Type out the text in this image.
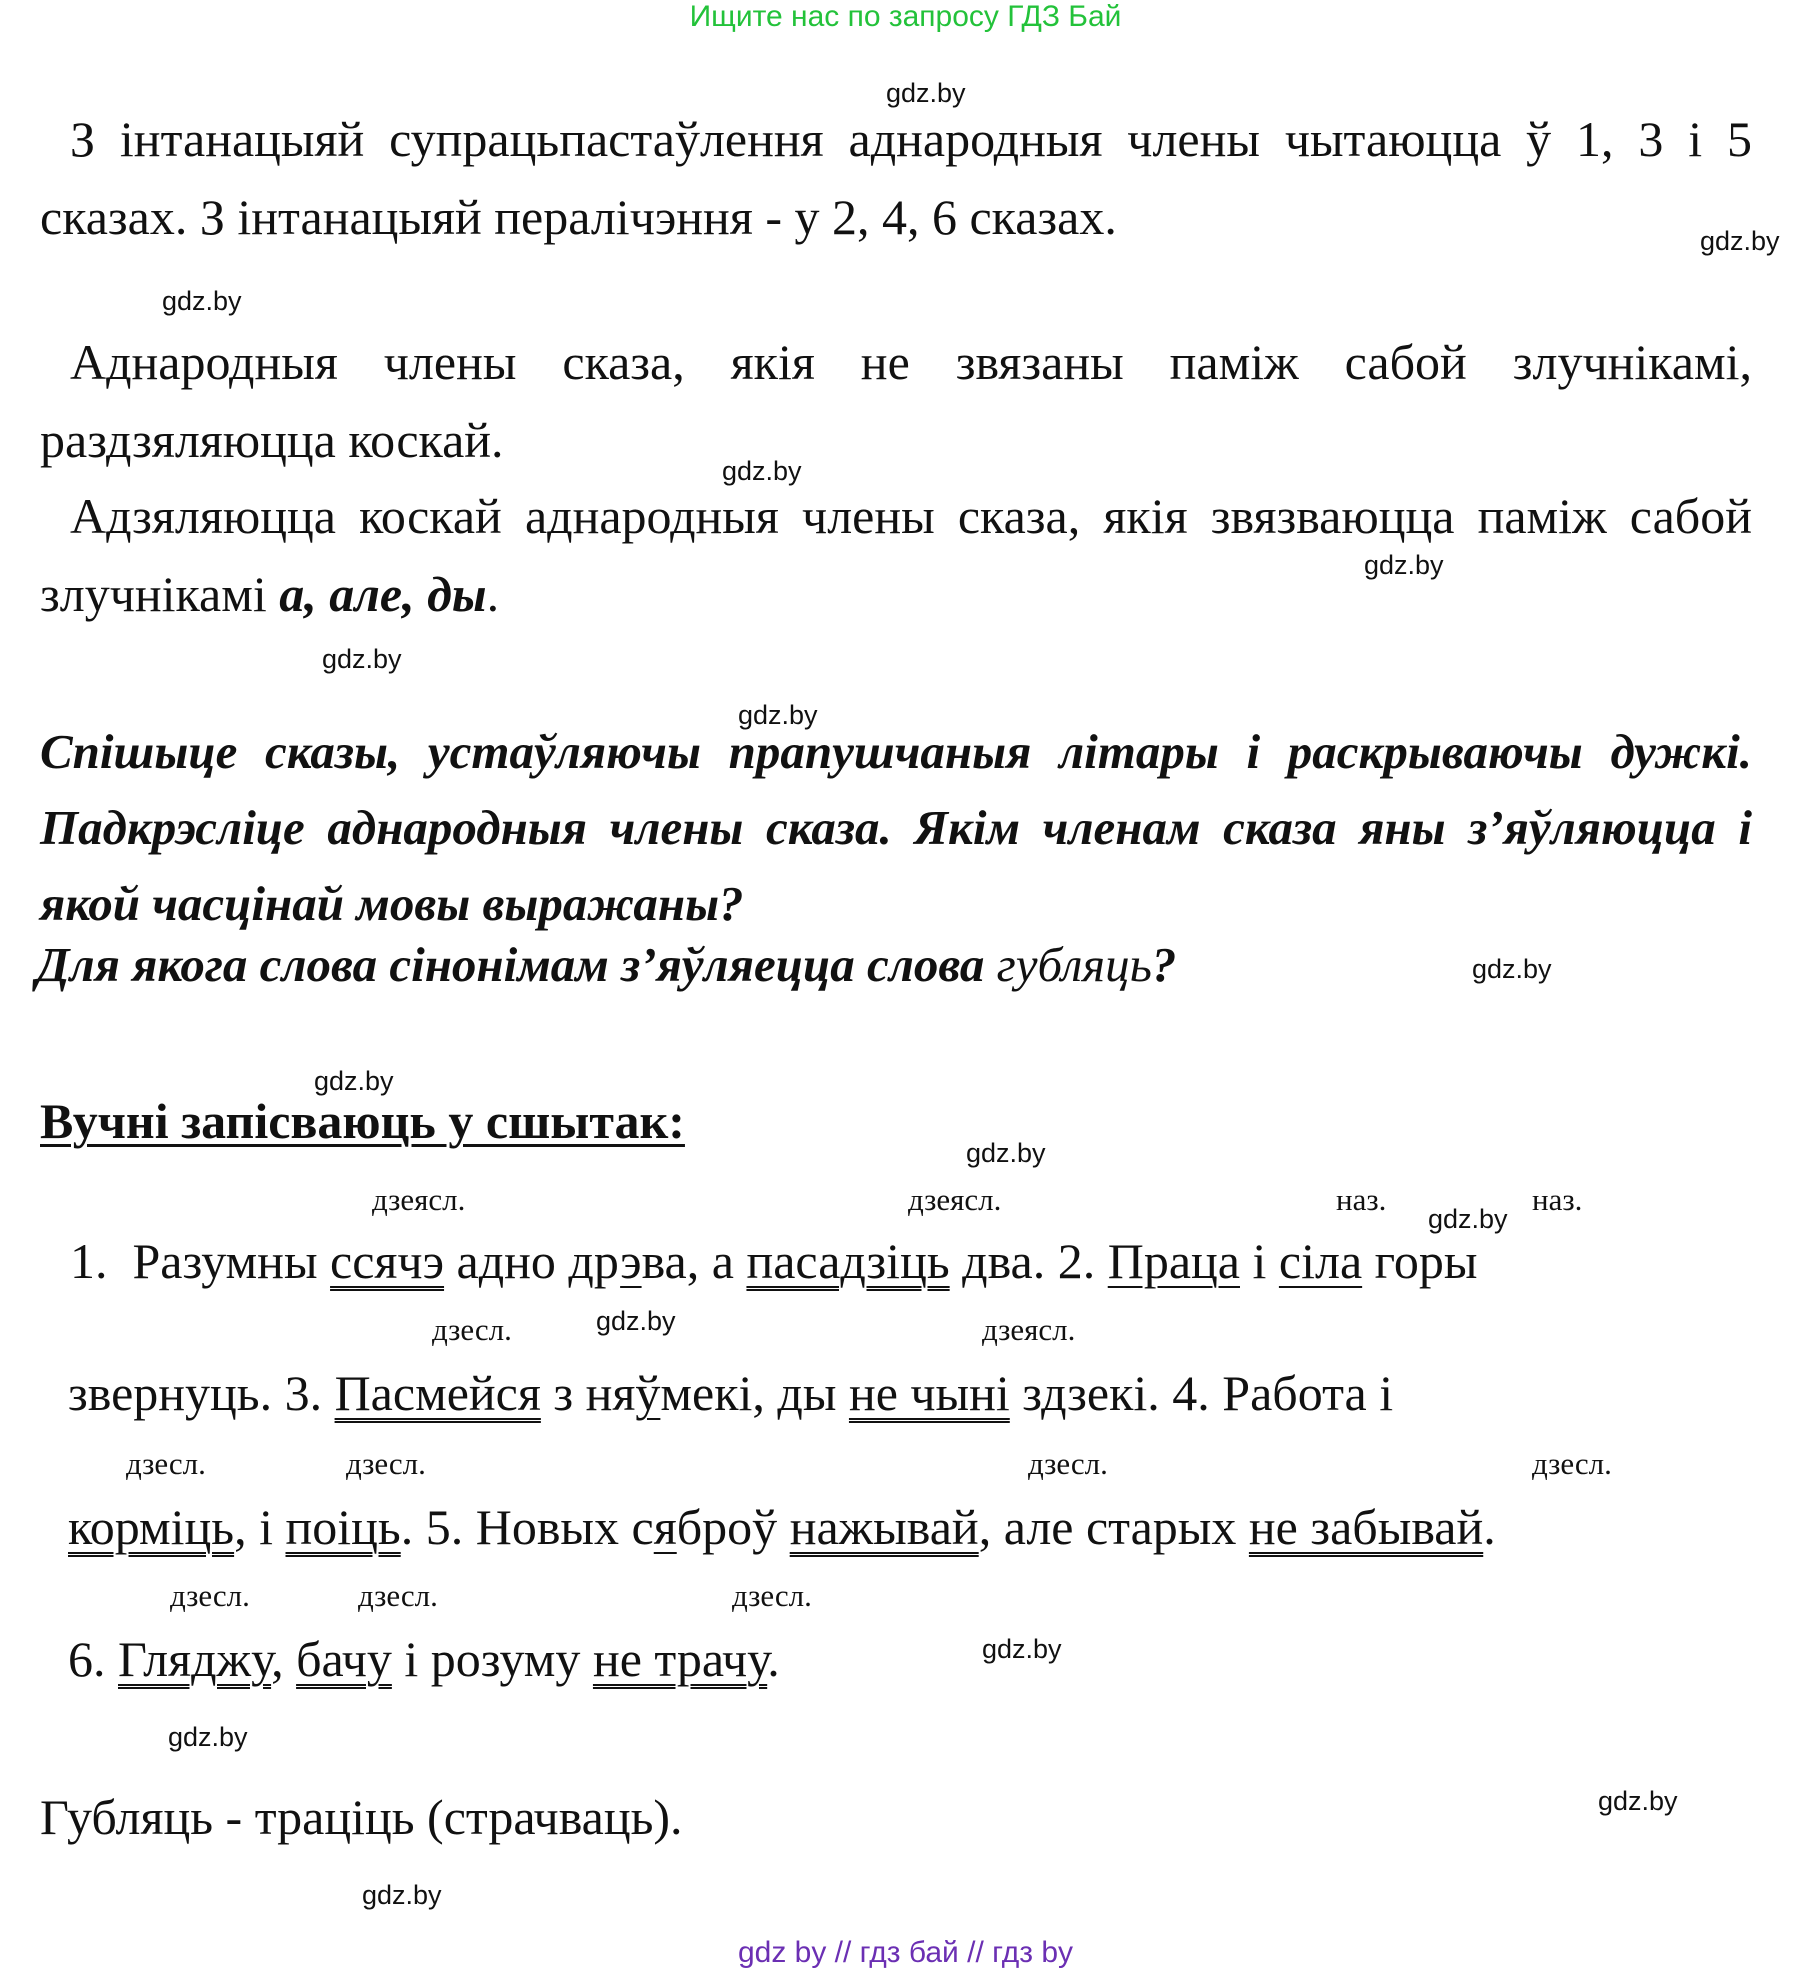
Ищите нас по запросу ГДЗ Бай
З інтанацыяй супрацьпастаўлення аднародныя члены чытаюцца ў 1, 3 і 5 сказах. З інтанацыяй пералічэння - у 2, 4, 6 сказах.
Аднародныя члены сказа, якія не звязаны паміж сабой злучнікамі, раздзяляюцца коскай.
Адзяляюцца коскай аднародныя члены сказа, якія звязваюцца паміж сабой злучнікамі а, але, ды.
Спішыце сказы, устаўляючы прапушчаныя літары і раскрываючы дужкі. Падкрэсліце аднародныя члены сказа. Якім членам сказа яны з’яўляюцца і якой часцінай мовы выражаны?
Для якога слова сінонімам з’яўляецца слова губляць?
Вучні запісваюць у сшытак:
дзеясл.	дзеясл.	наз.	наз.
1. Разумны ссячэ адно дрэва, а пасадзіць два. 2. Праца і сіла горы
дзесл.	дзеясл.
звернуць. 3. Пасмейся з няўмекі, ды не чыні здзекі. 4. Работа і
дзесл.	дзесл.	дзесл.	дзесл.
корміць, і поіць. 5. Новых сяброў нажывай, але старых не забывай.
дзесл.	дзесл.	дзесл.
6. Гляджу, бачу і розуму не трачу.
Губляць - траціць (страчваць).
gdz.by
gdz.by
gdz.by
gdz.by
gdz.by
gdz.by
gdz.by
gdz.by
gdz.by
gdz.by
gdz.by
gdz.by
gdz.by
gdz.by
gdz.by
gdz.by
gdz by // гдз бай // гдз by
